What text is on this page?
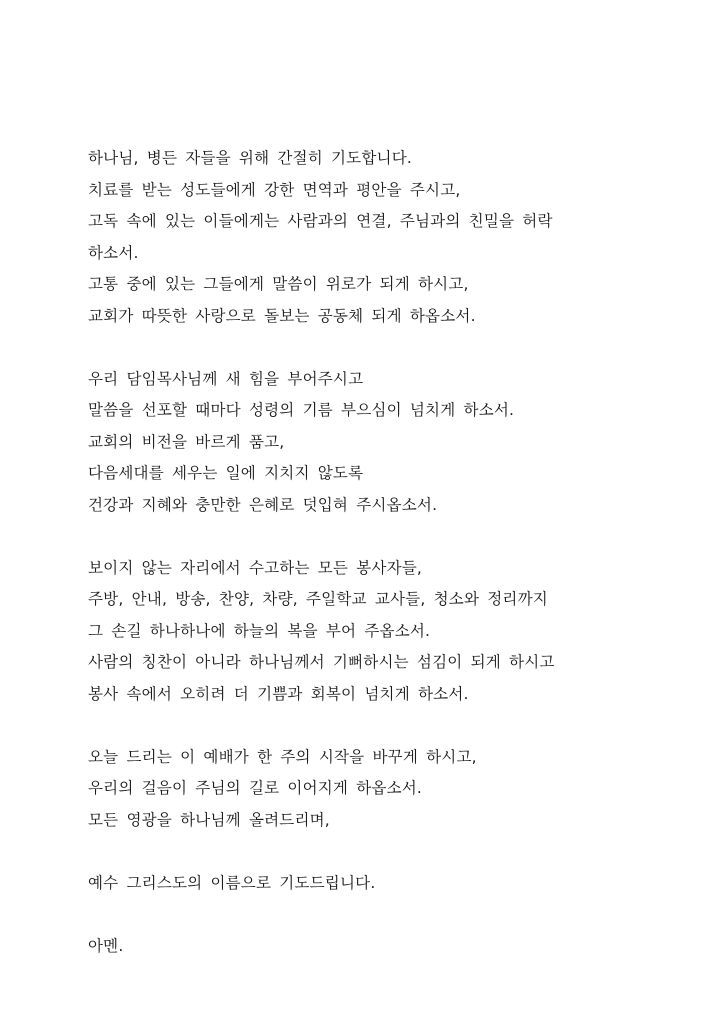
하나님, 병든 자들을 위해 간절히 기도합니다.
치료를 받는 성도들에게 강한 면역과 평안을 주시고,
고독 속에 있는 이들에게는 사람과의 연결, 주님과의 친밀을 허락
하소서.
고통 중에 있는 그들에게 말씀이 위로가 되게 하시고,
교회가 따뜻한 사랑으로 돌보는 공동체 되게 하옵소서.
우리 담임목사님께 새 힘을 부어주시고
말씀을 선포할 때마다 성령의 기름 부으심이 넘치게 하소서.
교회의 비전을 바르게 품고,
다음세대를 세우는 일에 지치지 않도록
건강과 지혜와 충만한 은혜로 덧입혀 주시옵소서.
보이지 않는 자리에서 수고하는 모든 봉사자들,
주방, 안내, 방송, 찬양, 차량, 주일학교 교사들, 청소와 정리까지
그 손길 하나하나에 하늘의 복을 부어 주옵소서.
사람의 칭찬이 아니라 하나님께서 기뻐하시는 섬김이 되게 하시고
봉사 속에서 오히려 더 기쁨과 회복이 넘치게 하소서.
오늘 드리는 이 예배가 한 주의 시작을 바꾸게 하시고,
우리의 걸음이 주님의 길로 이어지게 하옵소서.
모든 영광을 하나님께 올려드리며,
예수 그리스도의 이름으로 기도드립니다.
아멘.
